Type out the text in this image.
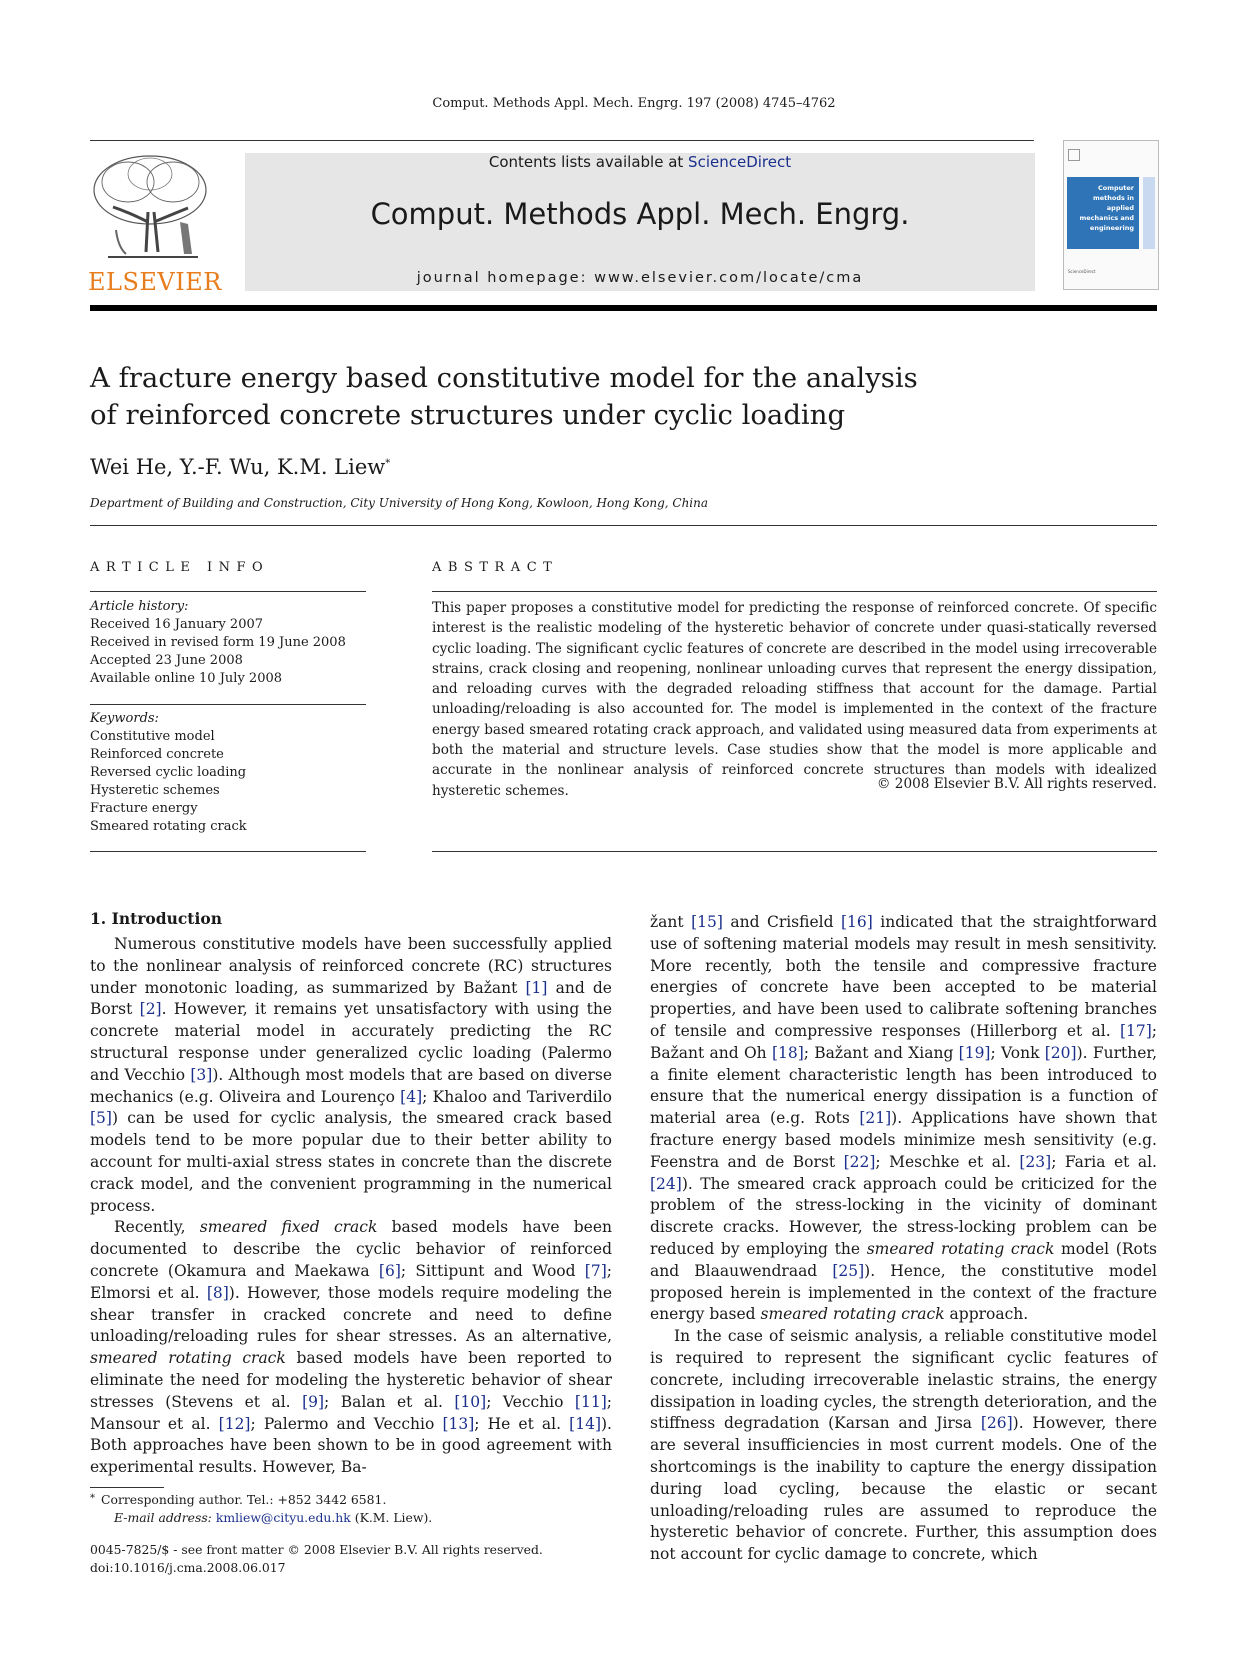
Comput. Methods Appl. Mech. Engrg. 197 (2008) 4745–4762
ELSEVIER
Contents lists available at ScienceDirect
Comput. Methods Appl. Mech. Engrg.
journal homepage: www.elsevier.com/locate/cma
Computer methods in applied mechanics and engineering
ScienceDirect
A fracture energy based constitutive model for the analysis
of reinforced concrete structures under cyclic loading
Wei He, Y.-F. Wu, K.M. Liew*
Department of Building and Construction, City University of Hong Kong, Kowloon, Hong Kong, China
ARTICLE INFO	ABSTRACT
Article history:
Received 16 January 2007
Received in revised form 19 June 2008
Accepted 23 June 2008
Available online 10 July 2008
Keywords:
Constitutive model
Reinforced concrete
Reversed cyclic loading
Hysteretic schemes
Fracture energy
Smeared rotating crack
This paper proposes a constitutive model for predicting the response of reinforced concrete. Of specific interest is the realistic modeling of the hysteretic behavior of concrete under quasi-statically reversed cyclic loading. The significant cyclic features of concrete are described in the model using irrecoverable strains, crack closing and reopening, nonlinear unloading curves that represent the energy dissipation, and reloading curves with the degraded reloading stiffness that account for the damage. Partial unloading/reloading is also accounted for. The model is implemented in the context of the fracture energy based smeared rotating crack approach, and validated using measured data from experiments at both the material and structure levels. Case studies show that the model is more applicable and accurate in the nonlinear analysis of reinforced concrete structures than models with idealized hysteretic schemes.	© 2008 Elsevier B.V. All rights reserved.
1. Introduction

Numerous constitutive models have been successfully applied to the nonlinear analysis of reinforced concrete (RC) structures under monotonic loading, as summarized by Bažant [1] and de Borst [2]. However, it remains yet unsatisfactory with using the concrete material model in accurately predicting the RC structural response under generalized cyclic loading (Palermo and Vecchio [3]). Although most models that are based on diverse mechanics (e.g. Oliveira and Lourenço [4]; Khaloo and Tariverdilo [5]) can be used for cyclic analysis, the smeared crack based models tend to be more popular due to their better ability to account for multi-axial stress states in concrete than the discrete crack model, and the convenient programming in the numerical process.

Recently, smeared fixed crack based models have been documented to describe the cyclic behavior of reinforced concrete (Okamura and Maekawa [6]; Sittipunt and Wood [7]; Elmorsi et al. [8]). However, those models require modeling the shear transfer in cracked concrete and need to define unloading/reloading rules for shear stresses. As an alternative, smeared rotating crack based models have been reported to eliminate the need for modeling the hysteretic behavior of shear stresses (Stevens et al. [9]; Balan et al. [10]; Vecchio [11]; Mansour et al. [12]; Palermo and Vecchio [13]; He et al. [14]). Both approaches have been shown to be in good agreement with experimental results. However, Ba-

žant [15] and Crisfield [16] indicated that the straightforward use of softening material models may result in mesh sensitivity. More recently, both the tensile and compressive fracture energies of concrete have been accepted to be material properties, and have been used to calibrate softening branches of tensile and compressive responses (Hillerborg et al. [17]; Bažant and Oh [18]; Bažant and Xiang [19]; Vonk [20]). Further, a finite element characteristic length has been introduced to ensure that the numerical energy dissipation is a function of material area (e.g. Rots [21]). Applications have shown that fracture energy based models minimize mesh sensitivity (e.g. Feenstra and de Borst [22]; Meschke et al. [23]; Faria et al. [24]). The smeared crack approach could be criticized for the problem of the stress-locking in the vicinity of dominant discrete cracks. However, the stress-locking problem can be reduced by employing the smeared rotating crack model (Rots and Blaauwendraad [25]). Hence, the constitutive model proposed herein is implemented in the context of the fracture energy based smeared rotating crack approach.

In the case of seismic analysis, a reliable constitutive model is required to represent the significant cyclic features of concrete, including irrecoverable inelastic strains, the energy dissipation in loading cycles, the strength deterioration, and the stiffness degradation (Karsan and Jirsa [26]). However, there are several insufficiencies in most current models. One of the shortcomings is the inability to capture the energy dissipation during load cycling, because the elastic or secant unloading/reloading rules are assumed to reproduce the hysteretic behavior of concrete. Further, this assumption does not account for cyclic damage to concrete, which

* Corresponding author. Tel.: +852 3442 6581.
E-mail address: kmliew@cityu.edu.hk (K.M. Liew).
0045-7825/$ - see front matter © 2008 Elsevier B.V. All rights reserved.
doi:10.1016/j.cma.2008.06.017
